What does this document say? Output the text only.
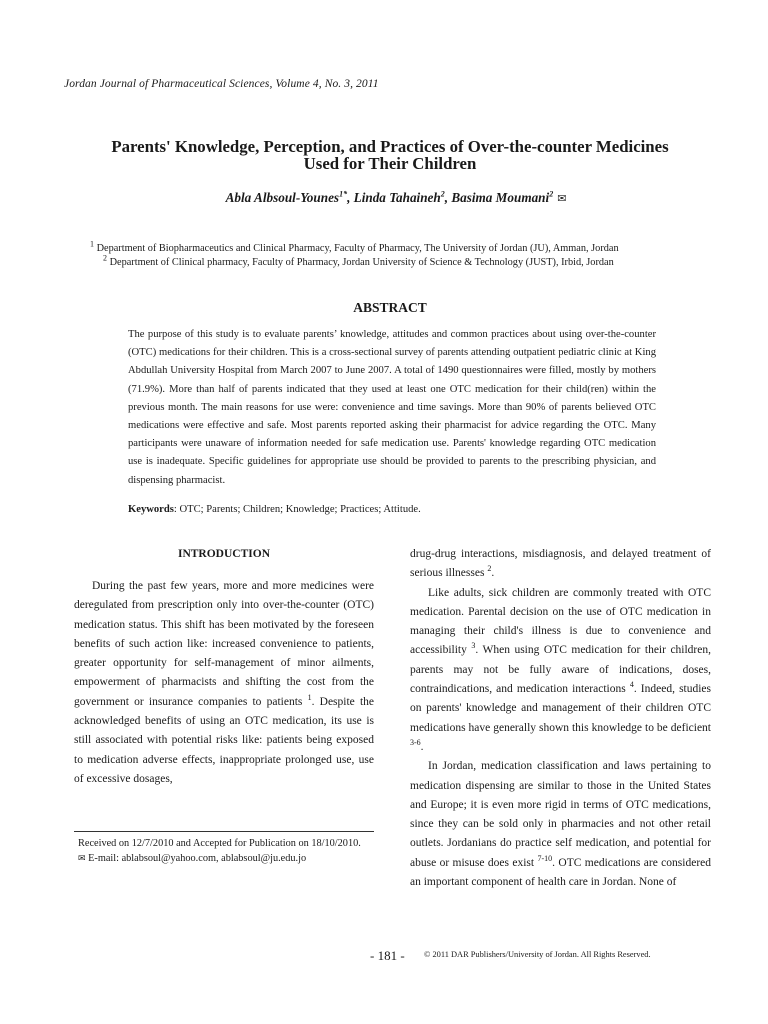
Jordan Journal of Pharmaceutical Sciences, Volume 4, No. 3, 2011
Parents' Knowledge, Perception, and Practices of Over-the-counter Medicines
Used for Their Children
Abla Albsoul-Younes$^{1*}$, Linda Tahaineh$^2$, Basima Moumani$^2$ ✉
$^1$ Department of Biopharmaceutics and Clinical Pharmacy, Faculty of Pharmacy, The University of Jordan (JU), Amman, Jordan
$^2$ Department of Clinical pharmacy, Faculty of Pharmacy, Jordan University of Science & Technology (JUST), Irbid, Jordan
ABSTRACT

The purpose of this study is to evaluate parents’ knowledge, attitudes and common practices about using over-the-counter (OTC) medications for their children. This is a cross-sectional survey of parents attending outpatient pediatric clinic at King Abdullah University Hospital from March 2007 to June 2007. A total of 1490 questionnaires were filled, mostly by mothers (71.9%). More than half of parents indicated that they used at least one OTC medication for their child(ren) within the previous month. The main reasons for use were: convenience and time savings. More than 90% of parents believed OTC medications were effective and safe. Most parents reported asking their pharmacist for advice regarding the OTC. Many participants were unaware of information needed for safe medication use. Parents' knowledge regarding OTC medication use is inadequate. Specific guidelines for appropriate use should be provided to parents to the prescribing physician, and dispensing pharmacist.

Keywords: OTC; Parents; Children; Knowledge; Practices; Attitude.
INTRODUCTION

During the past few years, more and more medicines were deregulated from prescription only into over-the-counter (OTC) medication status. This shift has been motivated by the foreseen benefits of such action like: increased convenience to patients, greater opportunity for self-management of minor ailments, empowerment of pharmacists and shifting the cost from the government or insurance companies to patients $^1$. Despite the acknowledged benefits of using an OTC medication, its use is still associated with potential risks like: patients being exposed to medication adverse effects, inappropriate prolonged use, use of excessive dosages,

drug-drug interactions, misdiagnosis, and delayed treatment of serious illnesses $^2$.

Like adults, sick children are commonly treated with OTC medication. Parental decision on the use of OTC medication in managing their child's illness is due to convenience and accessibility $^3$. When using OTC medication for their children, parents may not be fully aware of indications, doses, contraindications, and medication interactions $^4$. Indeed, studies on parents' knowledge and management of their children OTC medications have generally shown this knowledge to be deficient $^{3-6}$.

In Jordan, medication classification and laws pertaining to medication dispensing are similar to those in the United States and Europe; it is even more rigid in terms of OTC medications, since they can be sold only in pharmacies and not other retail outlets. Jordanians do practice self medication, and potential for abuse or misuse does exist $^{7-10}$. OTC medications are considered an important component of health care in Jordan. None of

Received on 12/7/2010 and Accepted for Publication on 18/10/2010.

✉ E-mail: ablabsoul@yahoo.com, ablabsoul@ju.edu.jo

- 181 - © 2011 DAR Publishers/University of Jordan. All Rights Reserved.
